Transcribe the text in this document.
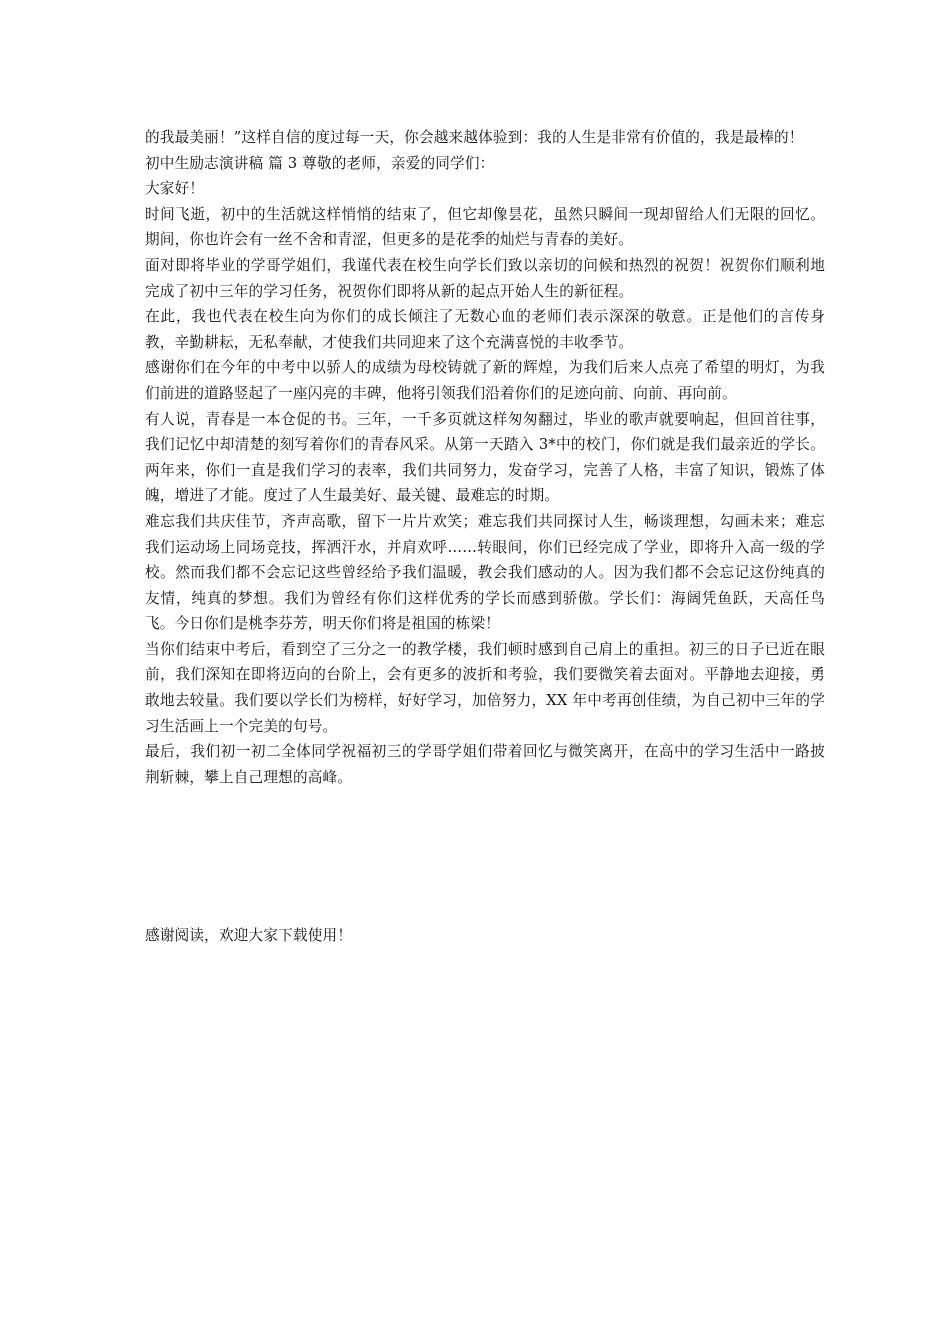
的我最美丽！”这样自信的度过每一天，你会越来越体验到：我的人生是非常有价值的，我是最棒的！

初中生励志演讲稿 篇 3 尊敬的老师，亲爱的同学们：

大家好！

时间飞逝，初中的生活就这样悄悄的结束了，但它却像昙花，虽然只瞬间一现却留给人们无限的回忆。期间，你也许会有一丝不舍和青涩，但更多的是花季的灿烂与青春的美好。

面对即将毕业的学哥学姐们，我谨代表在校生向学长们致以亲切的问候和热烈的祝贺！祝贺你们顺利地完成了初中三年的学习任务，祝贺你们即将从新的起点开始人生的新征程。

在此，我也代表在校生向为你们的成长倾注了无数心血的老师们表示深深的敬意。正是他们的言传身教，辛勤耕耘，无私奉献，才使我们共同迎来了这个充满喜悦的丰收季节。

感谢你们在今年的中考中以骄人的成绩为母校铸就了新的辉煌，为我们后来人点亮了希望的明灯，为我们前进的道路竖起了一座闪亮的丰碑，他将引领我们沿着你们的足迹向前、向前、再向前。

有人说，青春是一本仓促的书。三年，一千多页就这样匆匆翻过，毕业的歌声就要响起，但回首往事，我们记忆中却清楚的刻写着你们的青春风采。从第一天踏入 3*中的校门，你们就是我们最亲近的学长。两年来，你们一直是我们学习的表率，我们共同努力，发奋学习，完善了人格，丰富了知识，锻炼了体魄，增进了才能。度过了人生最美好、最关键、最难忘的时期。

难忘我们共庆佳节，齐声高歌，留下一片片欢笑；难忘我们共同探讨人生，畅谈理想，勾画未来；难忘我们运动场上同场竞技，挥洒汗水，并肩欢呼……转眼间，你们已经完成了学业，即将升入高一级的学校。然而我们都不会忘记这些曾经给予我们温暖，教会我们感动的人。因为我们都不会忘记这份纯真的友情，纯真的梦想。我们为曾经有你们这样优秀的学长而感到骄傲。学长们：海阔凭鱼跃，天高任鸟飞。今日你们是桃李芬芳，明天你们将是祖国的栋梁！

当你们结束中考后，看到空了三分之一的教学楼，我们顿时感到自己肩上的重担。初三的日子已近在眼前，我们深知在即将迈向的台阶上，会有更多的波折和考验，我们要微笑着去面对。平静地去迎接，勇敢地去较量。我们要以学长们为榜样，好好学习，加倍努力，XX 年中考再创佳绩，为自己初中三年的学习生活画上一个完美的句号。

最后，我们初一初二全体同学祝福初三的学哥学姐们带着回忆与微笑离开，在高中的学习生活中一路披荆斩棘，攀上自己理想的高峰。

感谢阅读，欢迎大家下载使用！
